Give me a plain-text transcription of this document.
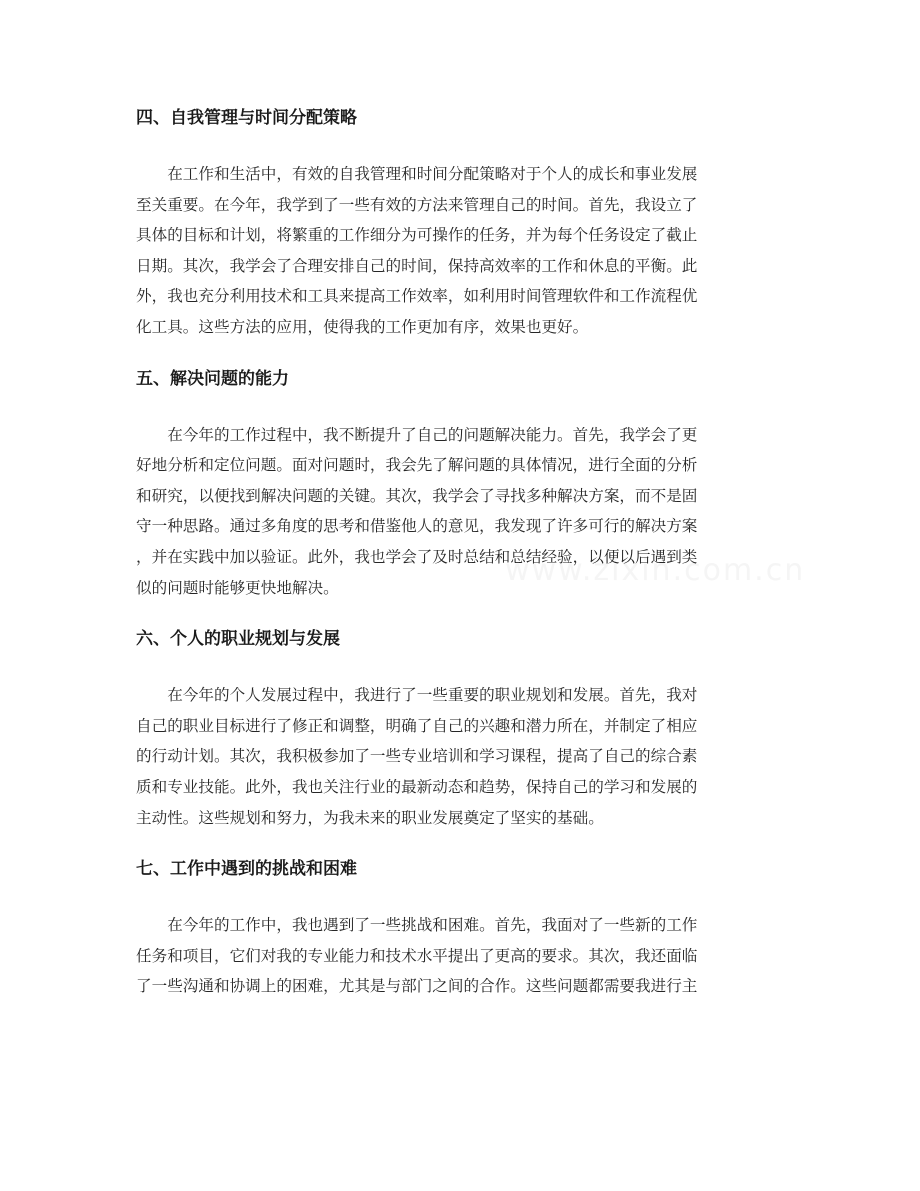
www.zixin.com.cn
四、自我管理与时间分配策略
　　在工作和生活中，有效的自我管理和时间分配策略对于个人的成长和事业发展
至关重要。在今年，我学到了一些有效的方法来管理自己的时间。首先，我设立了
具体的目标和计划，将繁重的工作细分为可操作的任务，并为每个任务设定了截止
日期。其次，我学会了合理安排自己的时间，保持高效率的工作和休息的平衡。此
外，我也充分利用技术和工具来提高工作效率，如利用时间管理软件和工作流程优
化工具。这些方法的应用，使得我的工作更加有序，效果也更好。
五、解决问题的能力
　　在今年的工作过程中，我不断提升了自己的问题解决能力。首先，我学会了更
好地分析和定位问题。面对问题时，我会先了解问题的具体情况，进行全面的分析
和研究，以便找到解决问题的关键。其次，我学会了寻找多种解决方案，而不是固
守一种思路。通过多角度的思考和借鉴他人的意见，我发现了许多可行的解决方案
，并在实践中加以验证。此外，我也学会了及时总结和总结经验，以便以后遇到类
似的问题时能够更快地解决。
六、个人的职业规划与发展
　　在今年的个人发展过程中，我进行了一些重要的职业规划和发展。首先，我对
自己的职业目标进行了修正和调整，明确了自己的兴趣和潜力所在，并制定了相应
的行动计划。其次，我积极参加了一些专业培训和学习课程，提高了自己的综合素
质和专业技能。此外，我也关注行业的最新动态和趋势，保持自己的学习和发展的
主动性。这些规划和努力，为我未来的职业发展奠定了坚实的基础。
七、工作中遇到的挑战和困难
　　在今年的工作中，我也遇到了一些挑战和困难。首先，我面对了一些新的工作
任务和项目，它们对我的专业能力和技术水平提出了更高的要求。其次，我还面临
了一些沟通和协调上的困难，尤其是与部门之间的合作。这些问题都需要我进行主
